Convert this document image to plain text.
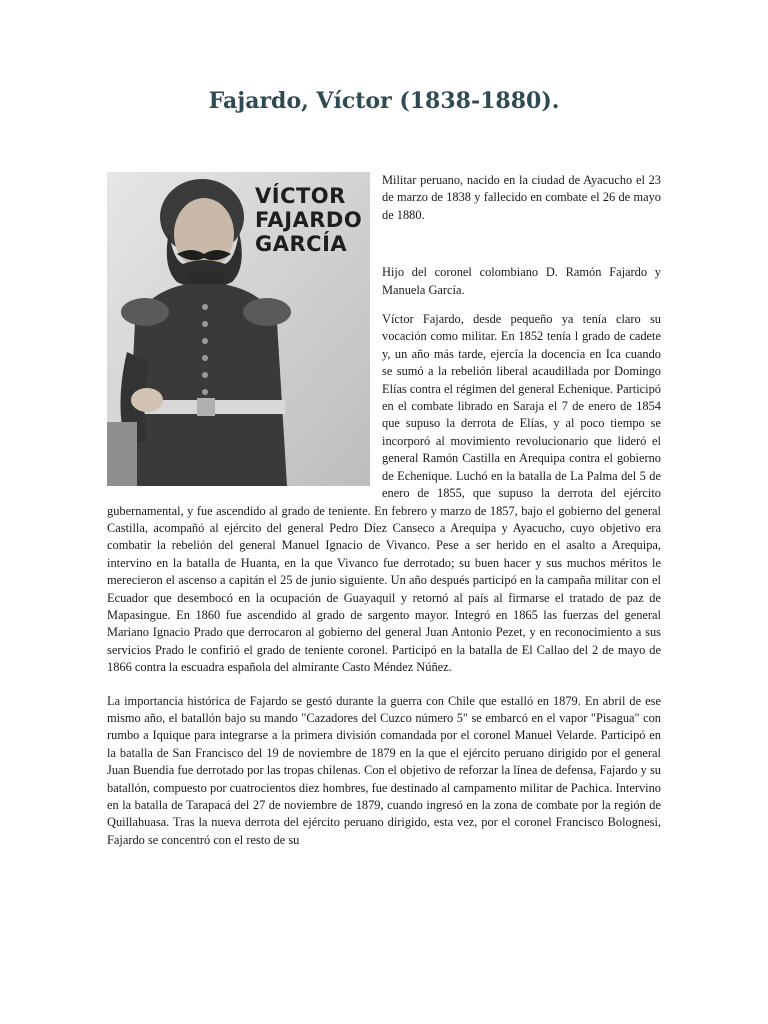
Fajardo, Víctor (1838-1880).
VÍCTOR
FAJARDO
GARCÍA

Militar peruano, nacido en la ciudad de Ayacucho el 23 de marzo de 1838 y fallecido en combate el 26 de mayo de 1880.

Hijo del coronel colombiano D. Ramón Fajardo y Manuela García.

Víctor Fajardo, desde pequeño ya tenía claro su vocación como militar. En 1852 tenía l grado de cadete y, un año más tarde, ejercía la docencia en Ica cuando se sumó a la rebelión liberal acaudillada por Domingo Elías contra el régimen del general Echenique. Participó en el combate librado en Saraja el 7 de enero de 1854 que supuso la derrota de Elías, y al poco tiempo se incorporó al movimiento revolucionario que lideró el general Ramón Castilla en Arequipa contra el gobierno de Echenique. Luchó en la batalla de La Palma del 5 de enero de 1855, que supuso la derrota del ejército gubernamental, y fue ascendido al grado de teniente. En febrero y marzo de 1857, bajo el gobierno del general Castilla, acompañó al ejército del general Pedro Díez Canseco a Arequipa y Ayacucho, cuyo objetivo era combatir la rebelión del general Manuel Ignacio de Vivanco. Pese a ser herido en el asalto a Arequipa, intervino en la batalla de Huanta, en la que Vivanco fue derrotado; su buen hacer y sus muchos méritos le merecieron el ascenso a capitán el 25 de junio siguiente. Un año después participó en la campaña militar con el Ecuador que desembocó en la ocupación de Guayaquil y retornó al país al firmarse el tratado de paz de Mapasingue. En 1860 fue ascendido al grado de sargento mayor. Integró en 1865 las fuerzas del general Mariano Ignacio Prado que derrocaron al gobierno del general Juan Antonio Pezet, y en reconocimiento a sus servicios Prado le confirió el grado de teniente coronel. Participó en la batalla de El Callao del 2 de mayo de 1866 contra la escuadra española del almirante Casto Méndez Núñez.

La importancia histórica de Fajardo se gestó durante la guerra con Chile que estalló en 1879. En abril de ese mismo año, el batallón bajo su mando "Cazadores del Cuzco número 5" se embarcó en el vapor "Pisagua" con rumbo a Iquique para integrarse a la primera división comandada por el coronel Manuel Velarde. Participó en la batalla de San Francisco del 19 de noviembre de 1879 en la que el ejército peruano dirigido por el general Juan Buendía fue derrotado por las tropas chilenas. Con el objetivo de reforzar la línea de defensa, Fajardo y su batallón, compuesto por cuatrocientos diez hombres, fue destinado al campamento militar de Pachica. Intervino en la batalla de Tarapacá del 27 de noviembre de 1879, cuando ingresó en la zona de combate por la región de Quillahuasa. Tras la nueva derrota del ejército peruano dirigido, esta vez, por el coronel Francisco Bolognesi, Fajardo se concentró con el resto de su
